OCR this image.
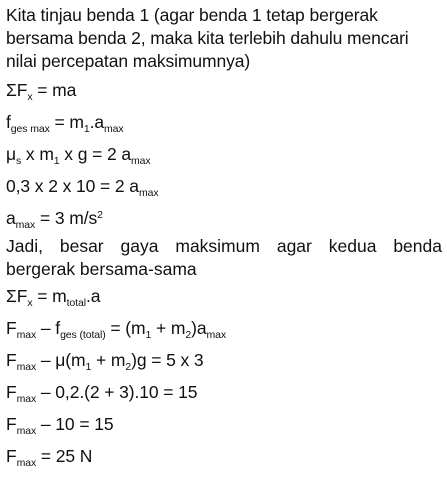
Kita tinjau benda 1 (agar benda 1 tetap bergerak
bersama benda 2, maka kita terlebih dahulu mencari
nilai percepatan maksimumnya)
$\Sigma F_x$ = ma
$f_{ges max} = m_1.a_{max}$
$\mu_s$ x $m_1$ x g = 2 $a_{max}$
0,3 x 2 x 10 = 2 $a_{max}$
$a_{max} = 3$ $m/s^2$
Jadi, besar gaya maksimum agar kedua benda
bergerak bersama-sama
$\Sigma F_x = m_{total}.a$
$F_{max} - f_{ges (total)} = (m_1 + m_2)a_{max}$
$F_{max} - \mu(m_1 + m_2)g = 5$ x 3
$F_{max} - 0,2.(2 + 3).10 = 15$
$F_{max} - 10 = 15$
$F_{max} = 25$ N
